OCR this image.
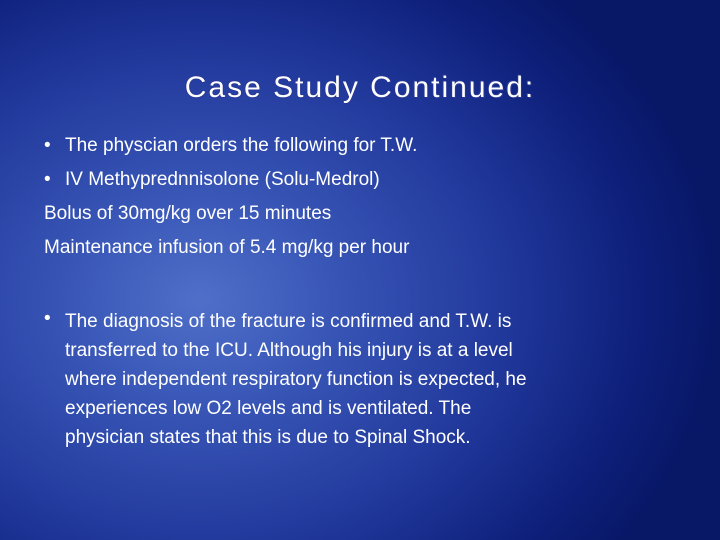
Case Study Continued:
• The physcian orders the following for T.W.
• IV Methyprednnisolone (Solu-Medrol)
Bolus of 30mg/kg over 15 minutes
Maintenance infusion of 5.4 mg/kg per hour
• The diagnosis of the fracture is confirmed and T.W. is
transferred to the ICU. Although his injury is at a level
where independent respiratory function is expected, he
experiences low O2 levels and is ventilated. The
physician states that this is due to Spinal Shock.
